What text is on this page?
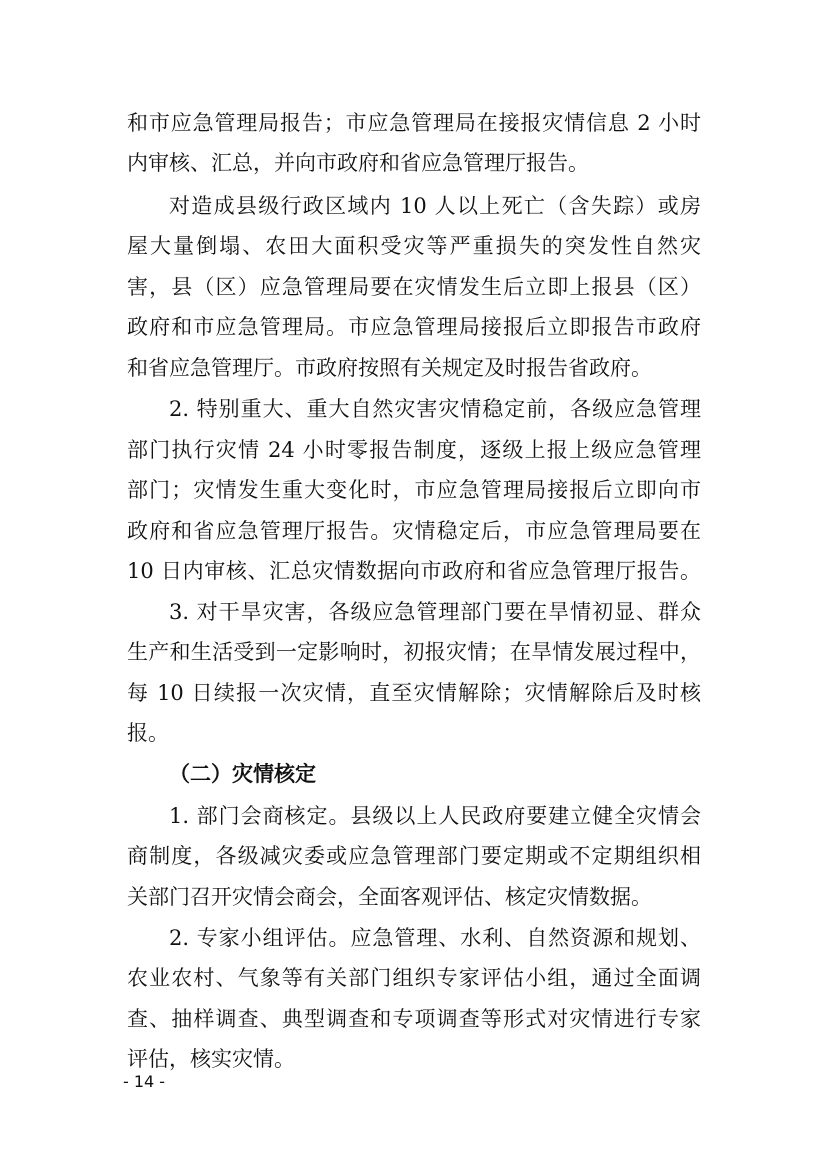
和市应急管理局报告；市应急管理局在接报灾情信息 2 小时
内审核、汇总，并向市政府和省应急管理厅报告。
对造成县级行政区域内 10 人以上死亡（含失踪）或房
屋大量倒塌、农田大面积受灾等严重损失的突发性自然灾
害，县（区）应急管理局要在灾情发生后立即上报县（区）
政府和市应急管理局。市应急管理局接报后立即报告市政府
和省应急管理厅。市政府按照有关规定及时报告省政府。
2. 特别重大、重大自然灾害灾情稳定前，各级应急管理
部门执行灾情 24 小时零报告制度，逐级上报上级应急管理
部门；灾情发生重大变化时，市应急管理局接报后立即向市
政府和省应急管理厅报告。灾情稳定后，市应急管理局要在
10 日内审核、汇总灾情数据向市政府和省应急管理厅报告。
3. 对干旱灾害，各级应急管理部门要在旱情初显、群众
生产和生活受到一定影响时，初报灾情；在旱情发展过程中，
每 10 日续报一次灾情，直至灾情解除；灾情解除后及时核
报。
（二）灾情核定
1. 部门会商核定。县级以上人民政府要建立健全灾情会
商制度，各级减灾委或应急管理部门要定期或不定期组织相
关部门召开灾情会商会，全面客观评估、核定灾情数据。
2. 专家小组评估。应急管理、水利、自然资源和规划、
农业农村、气象等有关部门组织专家评估小组，通过全面调
查、抽样调查、典型调查和专项调查等形式对灾情进行专家
评估，核实灾情。
- 14 -
